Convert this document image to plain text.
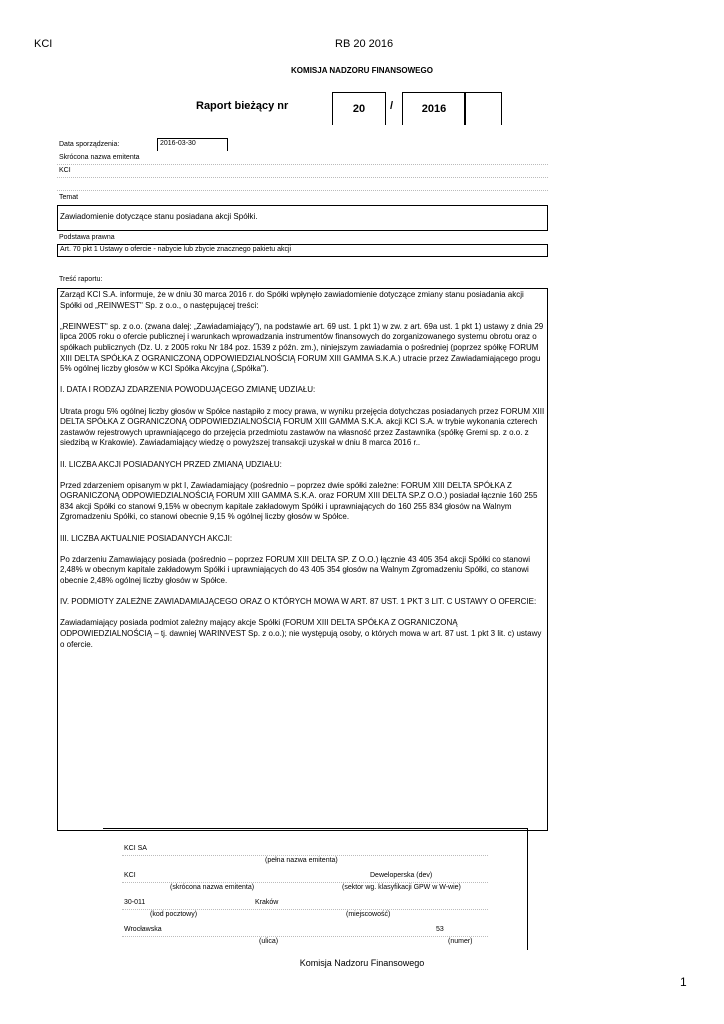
KCI	RB 20 2016
KOMISJA NADZORU FINANSOWEGO
Raport bieżący nr	20	/	2016
Data sporządzenia:	2016-03-30
Skrócona nazwa emitenta
KCI
Temat
Zawiadomienie dotyczące stanu posiadana akcji Spółki.
Podstawa prawna
Art. 70 pkt 1 Ustawy o ofercie - nabycie lub zbycie znacznego pakietu akcji
Treść raportu:
Zarząd KCI S.A. informuje, że w dniu 30 marca 2016 r. do Spółki wpłynęło zawiadomienie dotyczące zmiany stanu posiadania akcji Spółki od „REINWEST" Sp. z o.o., o następującej treści:

„REINWEST" sp. z o.o. (zwana dalej: „Zawiadamiający"), na podstawie art. 69 ust. 1 pkt 1) w zw. z art. 69a ust. 1 pkt 1) ustawy z dnia 29 lipca 2005 roku o ofercie publicznej i warunkach wprowadzania instrumentów finansowych do zorganizowanego systemu obrotu oraz o spółkach publicznych (Dz. U. z 2005 roku Nr 184 poz. 1539 z późn. zm.), niniejszym zawiadamia o pośredniej (poprzez spółkę FORUM XIII DELTA SPÓŁKA Z OGRANICZONĄ ODPOWIEDZIALNOŚCIĄ FORUM XIII GAMMA S.K.A.) utracie przez Zawiadamiającego progu 5% ogólnej liczby głosów w KCI Spółka Akcyjna („Spółka").

I. DATA I RODZAJ ZDARZENIA POWODUJĄCEGO ZMIANĘ UDZIAŁU:

Utrata progu 5% ogólnej liczby głosów w Spółce nastąpiło z mocy prawa, w wyniku przejęcia dotychczas posiadanych przez FORUM XIII DELTA SPÓŁKA Z OGRANICZONĄ ODPOWIEDZIALNOŚCIĄ FORUM XIII GAMMA S.K.A. akcji KCI S.A. w trybie wykonania czterech zastawów rejestrowych uprawniającego do przejęcia przedmiotu zastawów na własność przez Zastawnika (spółkę Gremi sp. z o.o. z siedzibą w Krakowie). Zawiadamiający wiedzę o powyższej transakcji uzyskał w dniu 8 marca 2016 r..

II. LICZBA AKCJI POSIADANYCH PRZED ZMIANĄ UDZIAŁU:

Przed zdarzeniem opisanym w pkt I, Zawiadamiający (pośrednio – poprzez dwie spółki zależne: FORUM XIII DELTA SPÓŁKA Z OGRANICZONĄ ODPOWIEDZIALNOŚCIĄ FORUM XIII GAMMA S.K.A. oraz FORUM XIII DELTA SP.Z O.O.) posiadał łącznie 160 255 834 akcji Spółki co stanowi 9,15% w obecnym kapitale zakładowym Spółki i uprawniających do 160 255 834 głosów na Walnym Zgromadzeniu Spółki, co stanowi obecnie 9,15 % ogólnej liczby głosów w Spółce.

III. LICZBA AKTUALNIE POSIADANYCH AKCJI:

Po zdarzeniu Zamawiający posiada (pośrednio – poprzez FORUM XIII DELTA SP. Z O.O.) łącznie 43 405 354 akcji Spółki co stanowi 2,48% w obecnym kapitale zakładowym Spółki i uprawniających do 43 405 354 głosów na Walnym Zgromadzeniu Spółki, co stanowi obecnie 2,48% ogólnej liczby głosów w Spółce.

IV. PODMIOTY ZALEŻNE ZAWIADAMIAJĄCEGO ORAZ O KTÓRYCH MOWA W ART. 87 UST. 1 PKT 3 LIT. C USTAWY O OFERCIE:

Zawiadamiający posiada podmiot zależny mający akcje Spółki (FORUM XIII DELTA SPÓŁKA Z OGRANICZONĄ ODPOWIEDZIALNOŚCIĄ – tj. dawniej WARINVEST Sp. z o.o.); nie występują osoby, o których mowa w art. 87 ust. 1 pkt 3 lit. c) ustawy o ofercie.
KCI SA
(pełna nazwa emitenta)
KCI	Deweloperska (dev)
(skrócona nazwa emitenta)	(sektor wg. klasyfikacji GPW w W-wie)
30-011	Kraków
(kod pocztowy)	(miejscowość)
Wrocławska	53
(ulica)	(numer)
Komisja Nadzoru Finansowego
1
